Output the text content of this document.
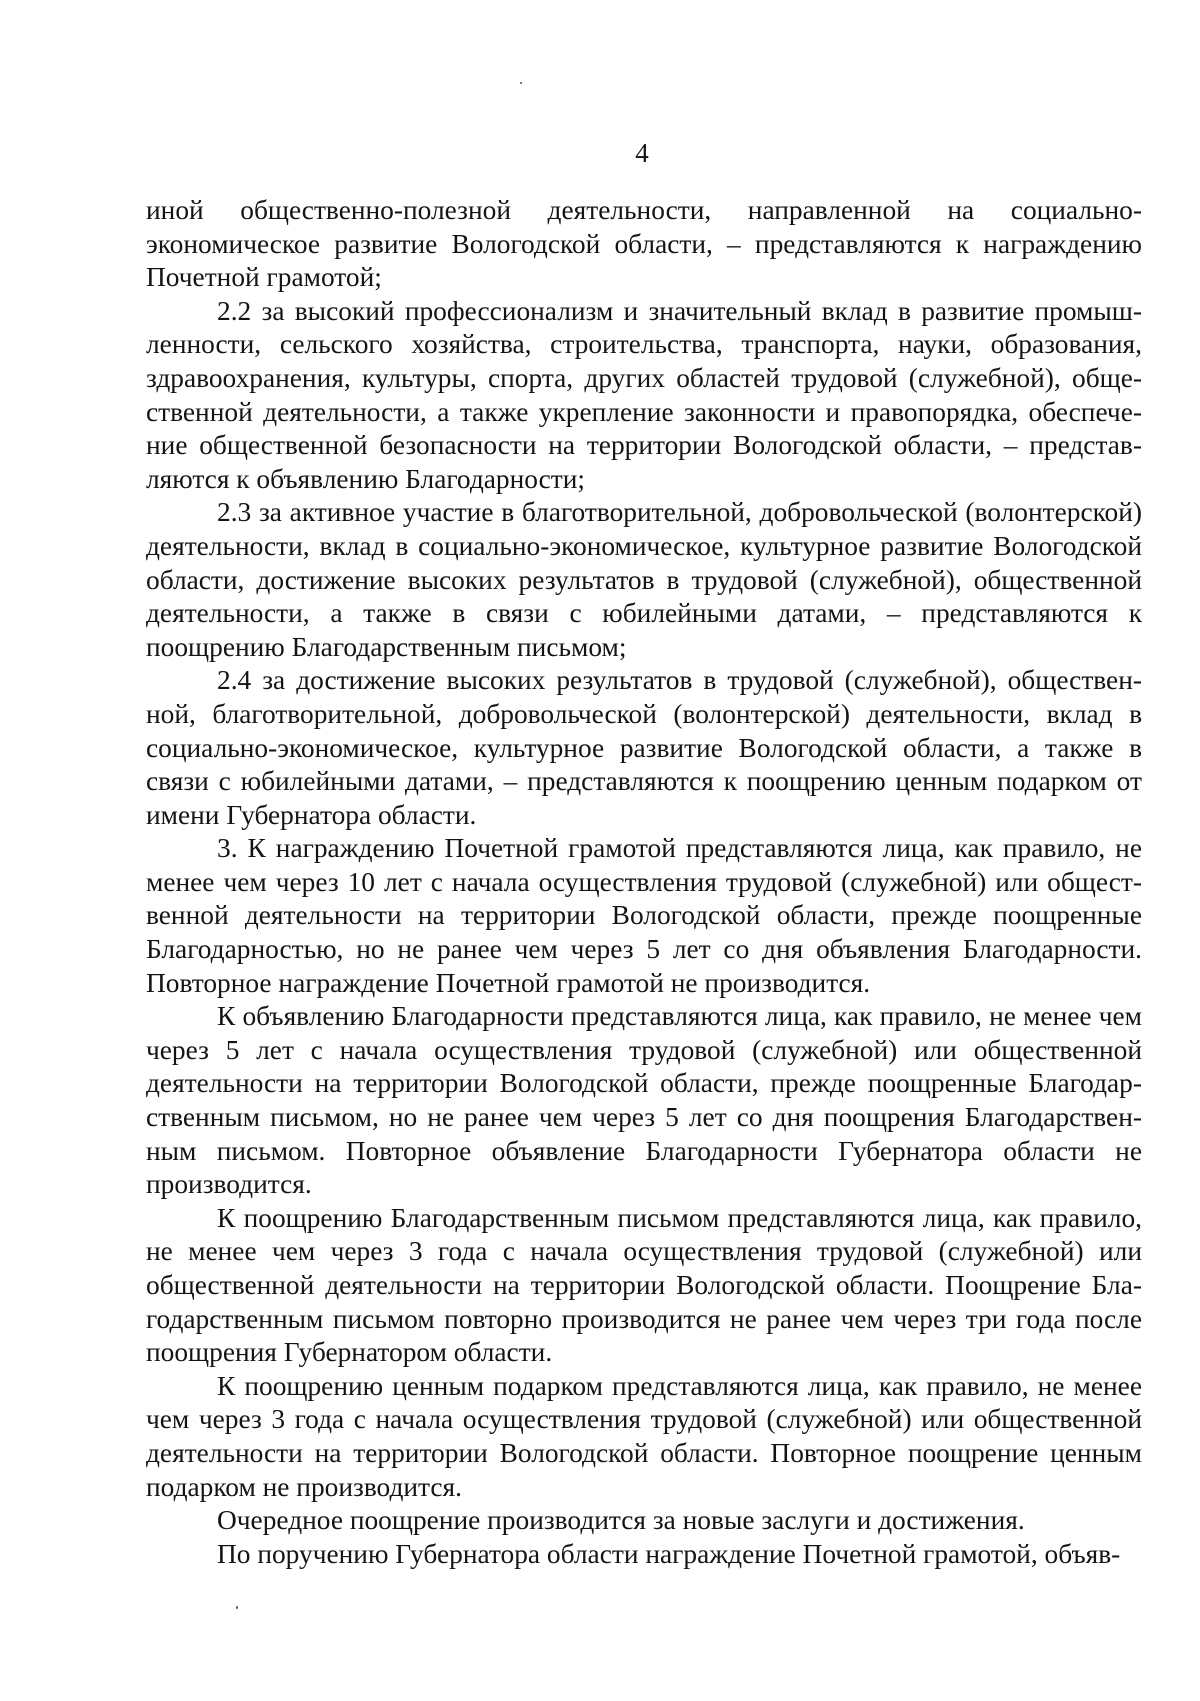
4

иной общественно-полезной деятельности, направленной на социально-экономическое развитие Вологодской области, – представляются к награждению Почетной грамотой;

2.2 за высокий профессионализм и значительный вклад в развитие промышленности, сельского хозяйства, строительства, транспорта, науки, образования, здравоохранения, культуры, спорта, других областей трудовой (служебной), общественной деятельности, а также укрепление законности и правопорядка, обеспечение общественной безопасности на территории Вологодской области, – представляются к объявлению Благодарности;

2.3 за активное участие в благотворительной, добровольческой (волонтерской) деятельности, вклад в социально-экономическое, культурное развитие Вологодской области, достижение высоких результатов в трудовой (служебной), общественной деятельности, а также в связи с юбилейными датами, – представляются к поощрению Благодарственным письмом;

2.4 за достижение высоких результатов в трудовой (служебной), общественной, благотворительной, добровольческой (волонтерской) деятельности, вклад в социально-экономическое, культурное развитие Вологодской области, а также в связи с юбилейными датами, – представляются к поощрению ценным подарком от имени Губернатора области.

3. К награждению Почетной грамотой представляются лица, как правило, не менее чем через 10 лет с начала осуществления трудовой (служебной) или общественной деятельности на территории Вологодской области, прежде поощренные Благодарностью, но не ранее чем через 5 лет со дня объявления Благодарности. Повторное награждение Почетной грамотой не производится.

К объявлению Благодарности представляются лица, как правило, не менее чем через 5 лет с начала осуществления трудовой (служебной) или общественной деятельности на территории Вологодской области, прежде поощренные Благодарственным письмом, но не ранее чем через 5 лет со дня поощрения Благодарственным письмом. Повторное объявление Благодарности Губернатора области не производится.

К поощрению Благодарственным письмом представляются лица, как правило, не менее чем через 3 года с начала осуществления трудовой (служебной) или общественной деятельности на территории Вологодской области. Поощрение Благодарственным письмом повторно производится не ранее чем через три года после поощрения Губернатором области.

К поощрению ценным подарком представляются лица, как правило, не менее чем через 3 года с начала осуществления трудовой (служебной) или общественной деятельности на территории Вологодской области. Повторное поощрение ценным подарком не производится.

Очередное поощрение производится за новые заслуги и достижения.

По поручению Губернатора области награждение Почетной грамотой, объяв-
